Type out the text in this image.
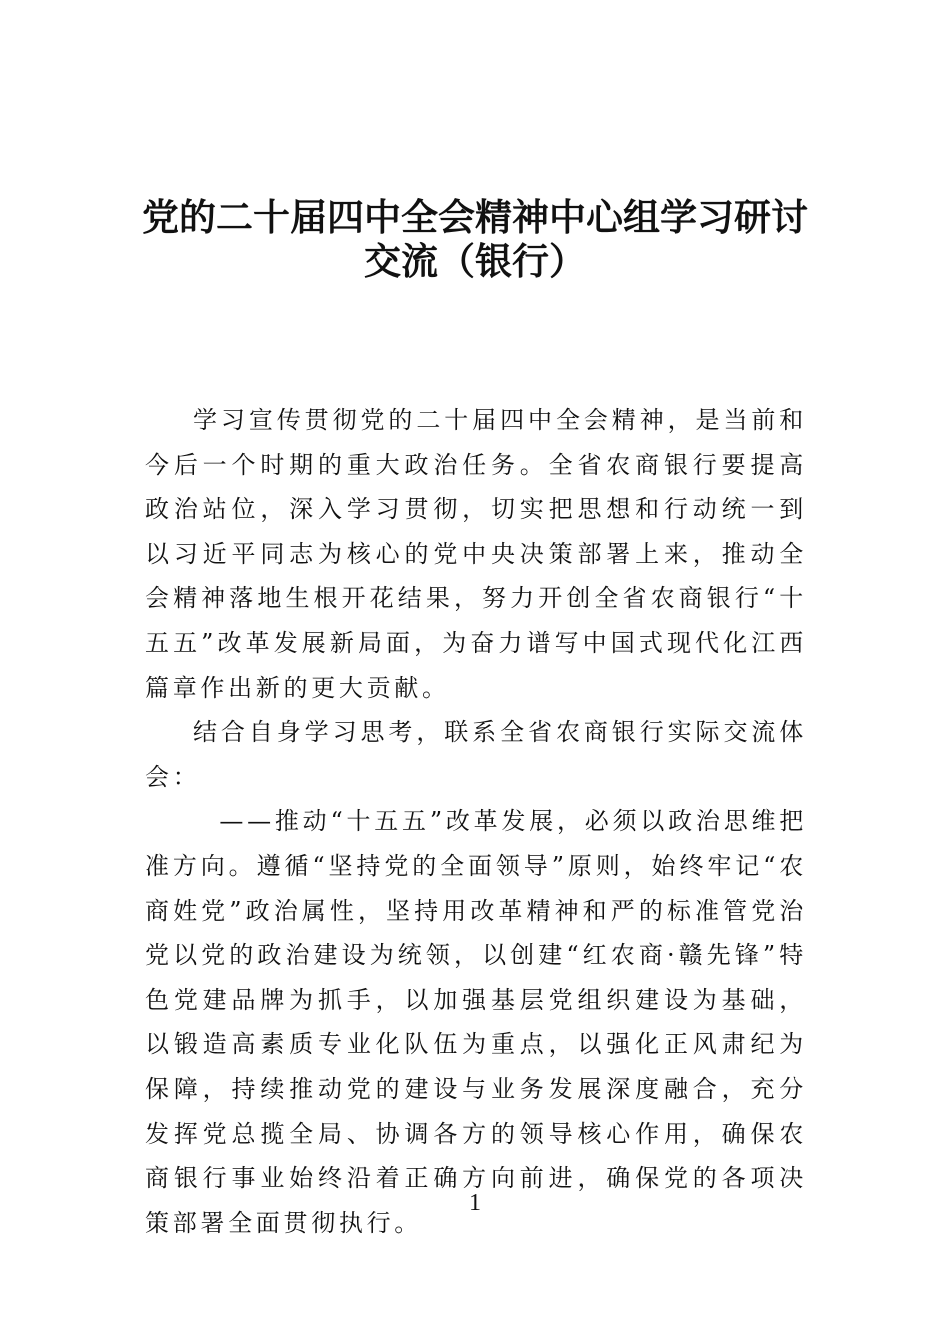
党的二十届四中全会精神中心组学习研讨
交流（银行）

学习宣传贯彻党的二十届四中全会精神，是当前和今后一个时期的重大政治任务。全省农商银行要提高政治站位，深入学习贯彻，切实把思想和行动统一到以习近平同志为核心的党中央决策部署上来，推动全会精神落地生根开花结果，努力开创全省农商银行“十五五”改革发展新局面，为奋力谱写中国式现代化江西篇章作出新的更大贡献。

结合自身学习思考，联系全省农商银行实际交流体会：

——推动“十五五”改革发展，必须以政治思维把准方向。遵循“坚持党的全面领导”原则，始终牢记“农商姓党”政治属性，坚持用改革精神和严的标准管党治党以党的政治建设为统领，以创建“红农商·赣先锋”特色党建品牌为抓手，以加强基层党组织建设为基础，以锻造高素质专业化队伍为重点，以强化正风肃纪为保障，持续推动党的建设与业务发展深度融合，充分发挥党总揽全局、协调各方的领导核心作用，确保农商银行事业始终沿着正确方向前进，确保党的各项决策部署全面贯彻执行。

1
